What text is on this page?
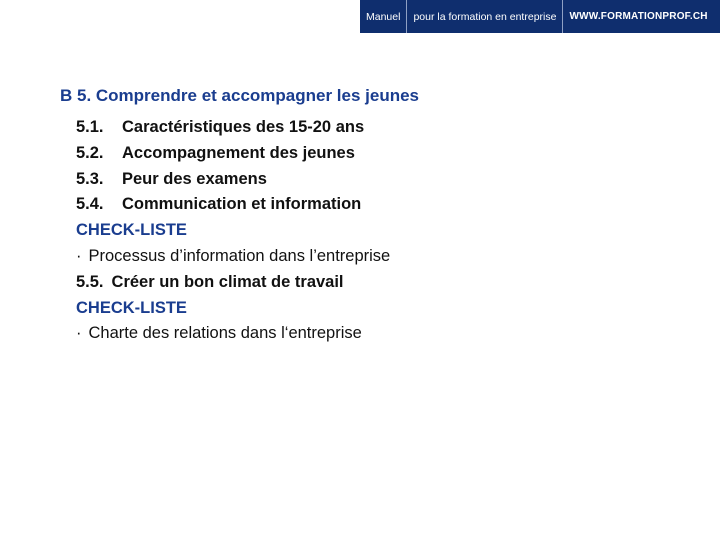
Manuel	pour la formation en entreprise	WWW.FORMATIONPROF.CH
B 5. Comprendre et accompagner les jeunes
5.1. Caractéristiques des 15-20 ans
5.2. Accompagnement des jeunes
5.3. Peur des examens
5.4. Communication et information
CHECK-LISTE
· Processus d’information dans l’entreprise
5.5. Créer un bon climat de travail
CHECK-LISTE
· Charte des relations dans l‘entreprise
